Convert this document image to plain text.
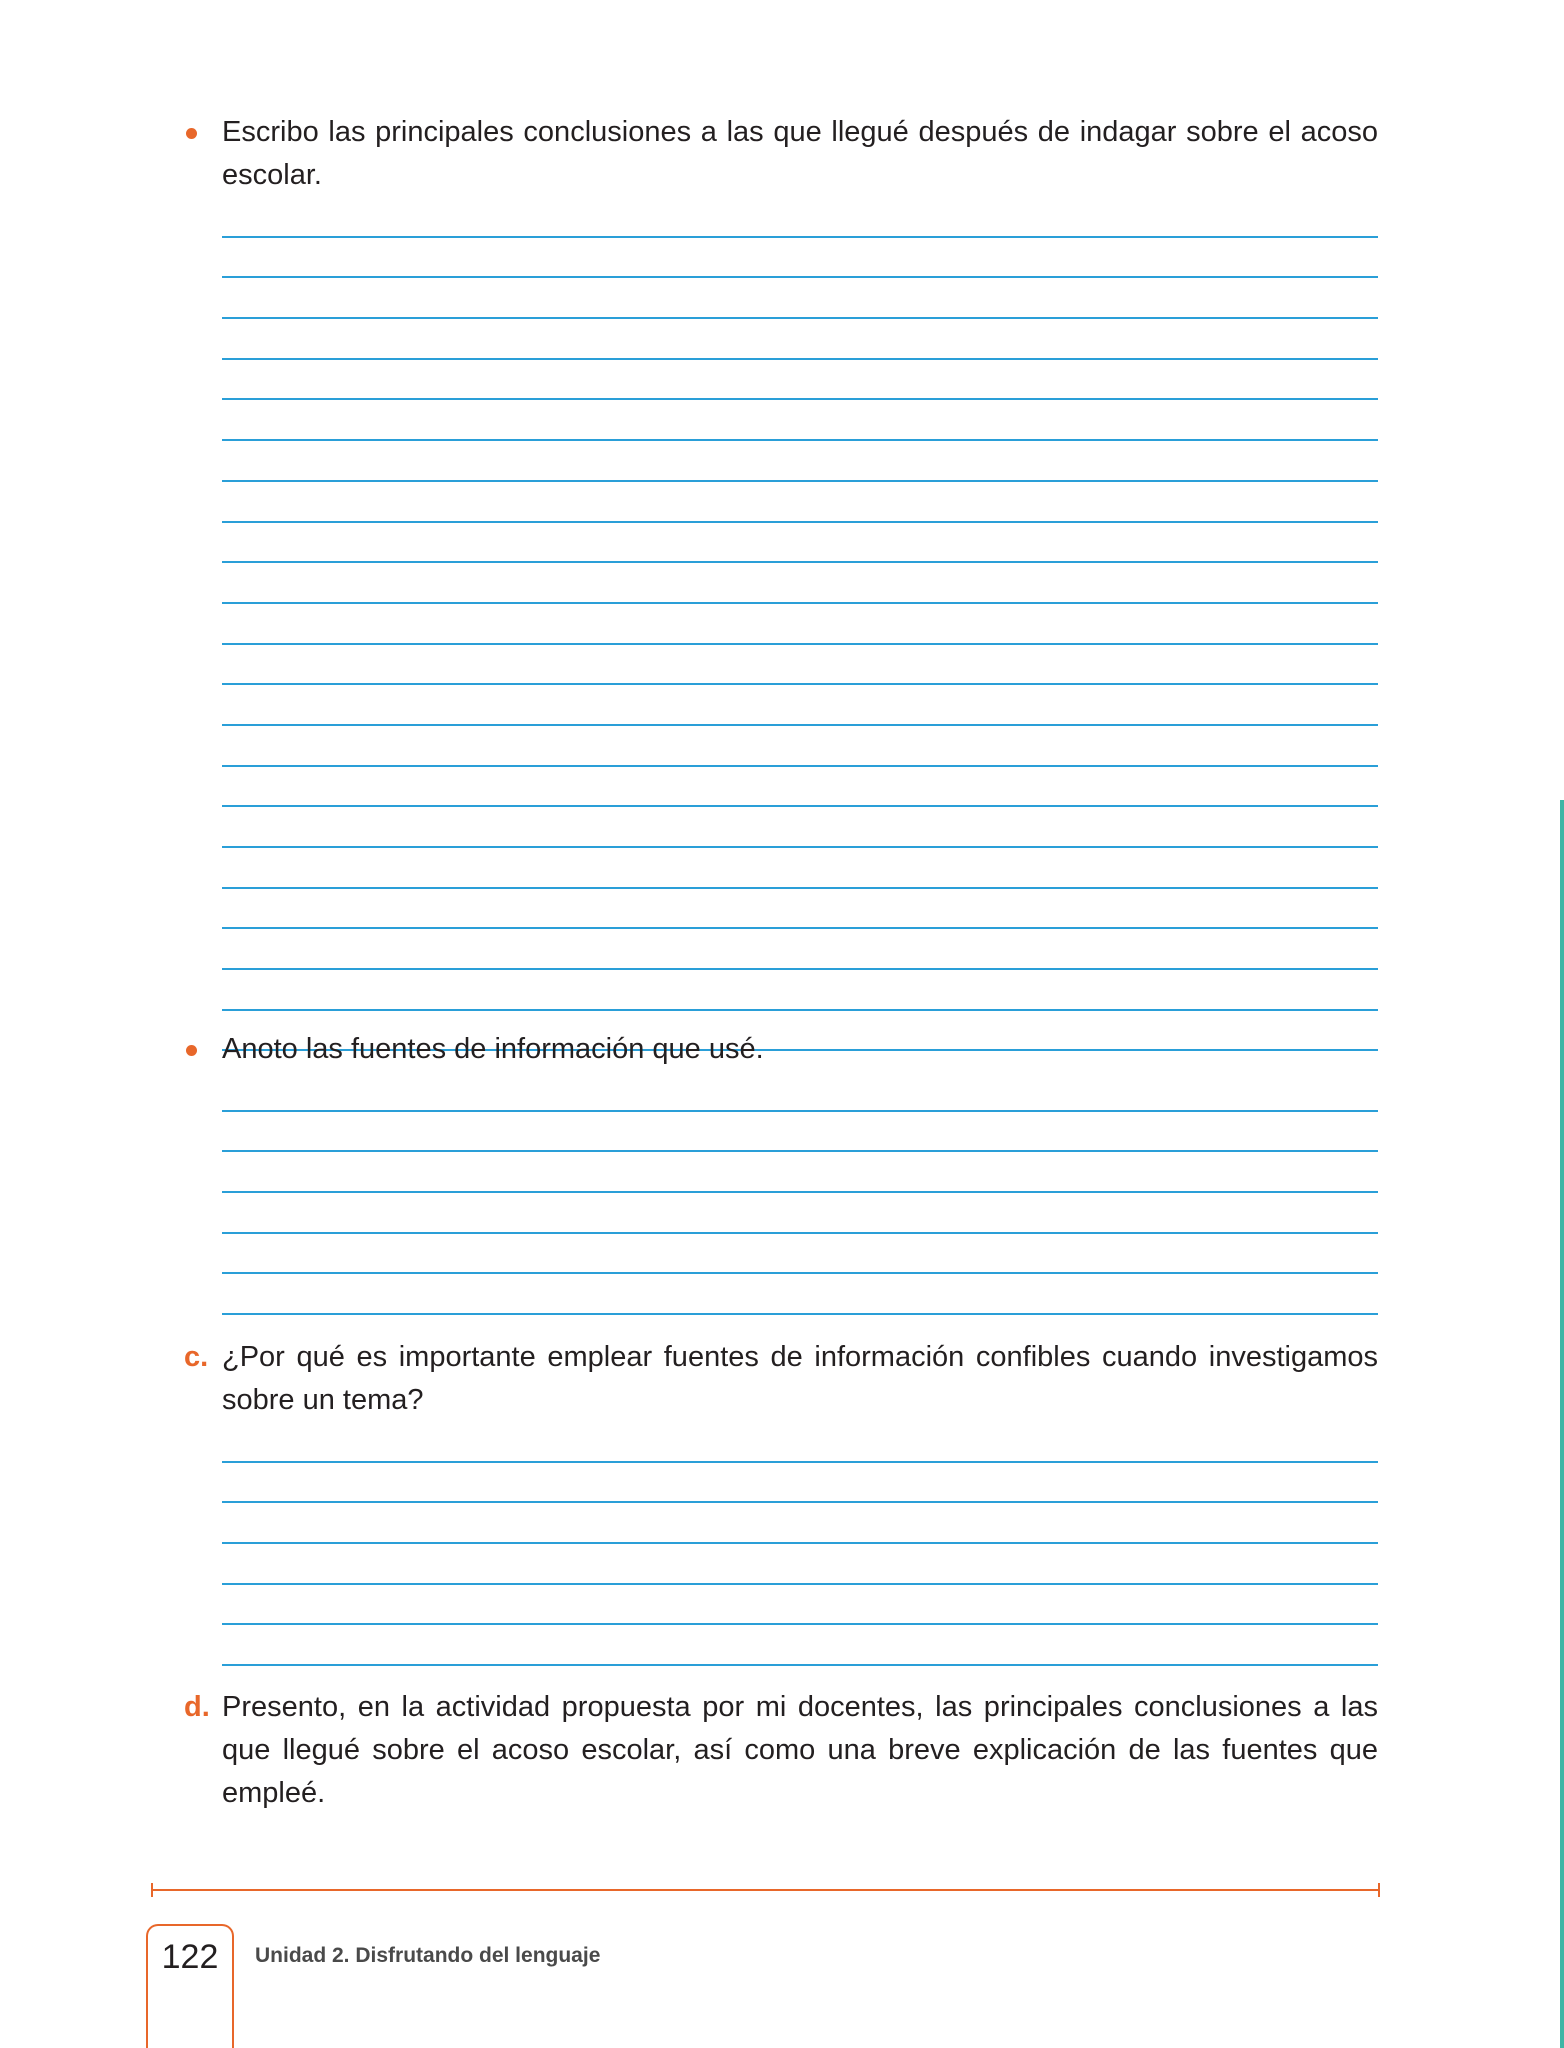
Escribo las principales conclusiones a las que llegué después de indagar sobre el acoso escolar.

Anoto las fuentes de información que usé.

c. ¿Por qué es importante emplear fuentes de información confibles cuando investigamos sobre un tema?

d. Presento, en la actividad propuesta por mi docentes, las principales conclusiones a las que llegué sobre el acoso escolar, así como una breve explicación de las fuentes que empleé.

122	Unidad 2. Disfrutando del lenguaje
